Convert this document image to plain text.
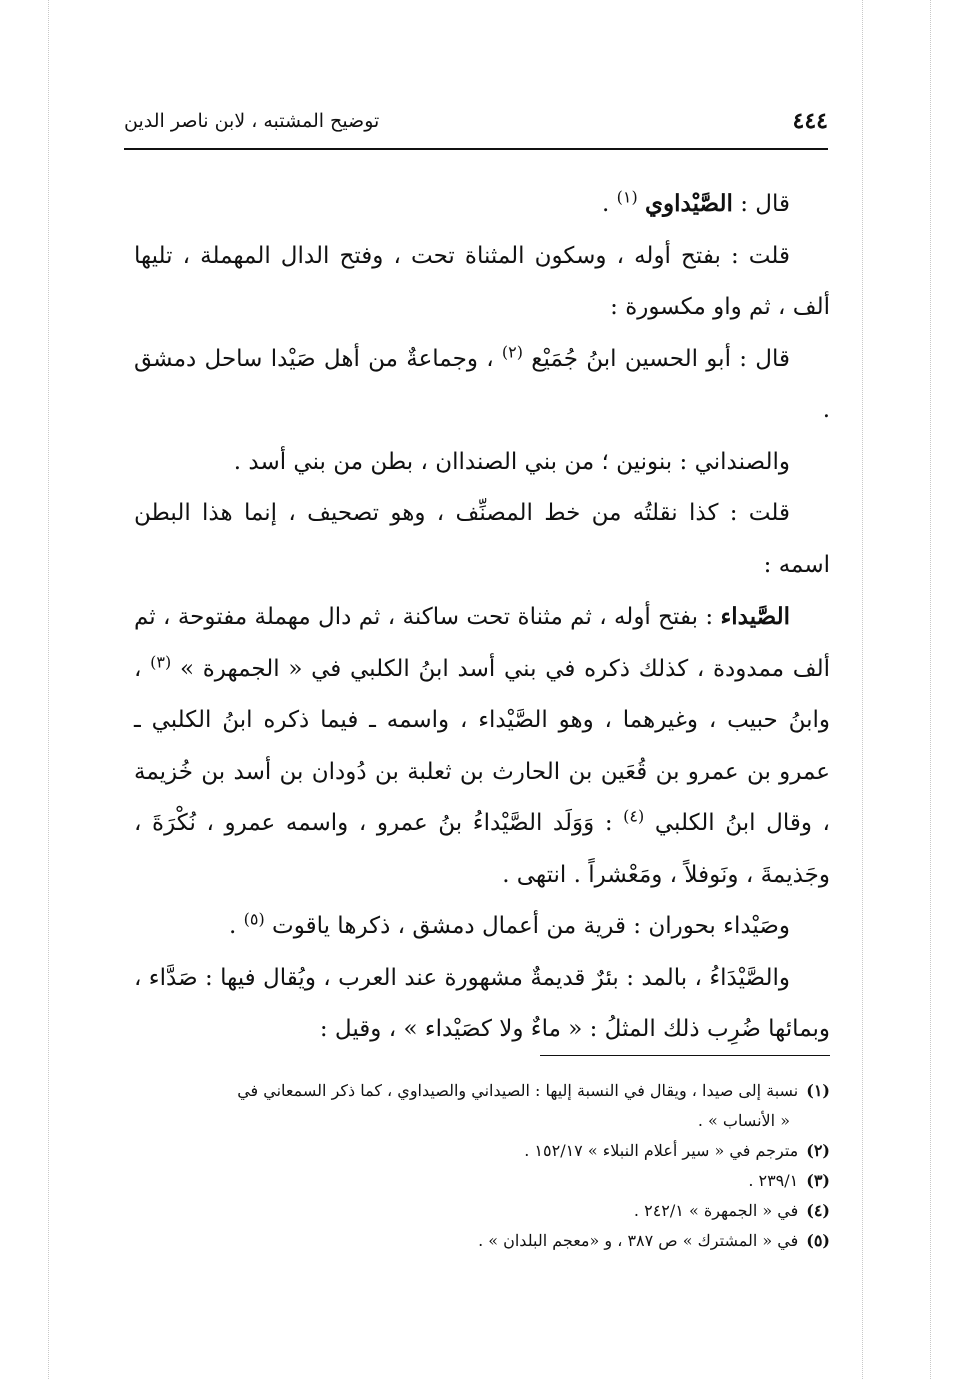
٤٤٤
توضيح المشتبه ، لابن ناصر الدين

قال : الصَّيْداوي $^{(١)}$ .

قلت : بفتح أوله ، وسكون المثناة تحت ، وفتح الدال المهملة ، تليها ألف ، ثم واو مكسورة :

قال : أبو الحسين ابنُ جُمَيْع $^{(٢)}$ ، وجماعةٌ من أهل صَيْدا ساحل دمشق .

والصنداني : بنونين ؛ من بني الصنداان ، بطن من بني أسد .

قلت : كذا نقلتُه من خط المصنِّف ، وهو تصحيف ، إنما هذا البطن اسمه :

الصَّيداء : بفتح أوله ، ثم مثناة تحت ساكنة ، ثم دال مهملة مفتوحة ، ثم ألف ممدودة ، كذلك ذكره في بني أسد ابنُ الكلبي في « الجمهرة » $^{(٣)}$ ، وابنُ حبيب ، وغيرهما ، وهو الصَّيْداء ، واسمه ـ فيما ذكره ابنُ الكلبي ـ عمرو بن عمرو بن قُعَين بن الحارث بن ثعلبة بن دُودان بن أسد بن خُزيمة ، وقال ابنُ الكلبي $^{(٤)}$ : وَوَلَد الصَّيْداءُ بنُ عمرو ، واسمه عمرو ، نُكْرَةَ ، وجَذيمةَ ، ونَوفلاً ، ومَعْشراً . انتهى .

وصَيْداء بحوران : قرية من أعمال دمشق ، ذكرها ياقوت $^{(٥)}$ .

والصَّيْدَاءُ ، بالمد : بئرٌ قديمةٌ مشهورة عند العرب ، ويُقال فيها : صَدَّاء ، وبمائها ضُرِب ذلك المثلُ : « ماءٌ ولا كصَيْداء » ، وقيل :

(١)نسبة إلى صيدا ، ويقال في النسبة إليها : الصيداني والصيداوي ، كما ذكر السمعاني في
« الأنساب » .

(٢)مترجم في « سير أعلام النبلاء » ١٥٢/١٧ .

(٣)٢٣٩/١ .

(٤)في « الجمهرة » ٢٤٢/١ .

(٥)في « المشترك » ص ٣٨٧ ، و «معجم البلدان » .
